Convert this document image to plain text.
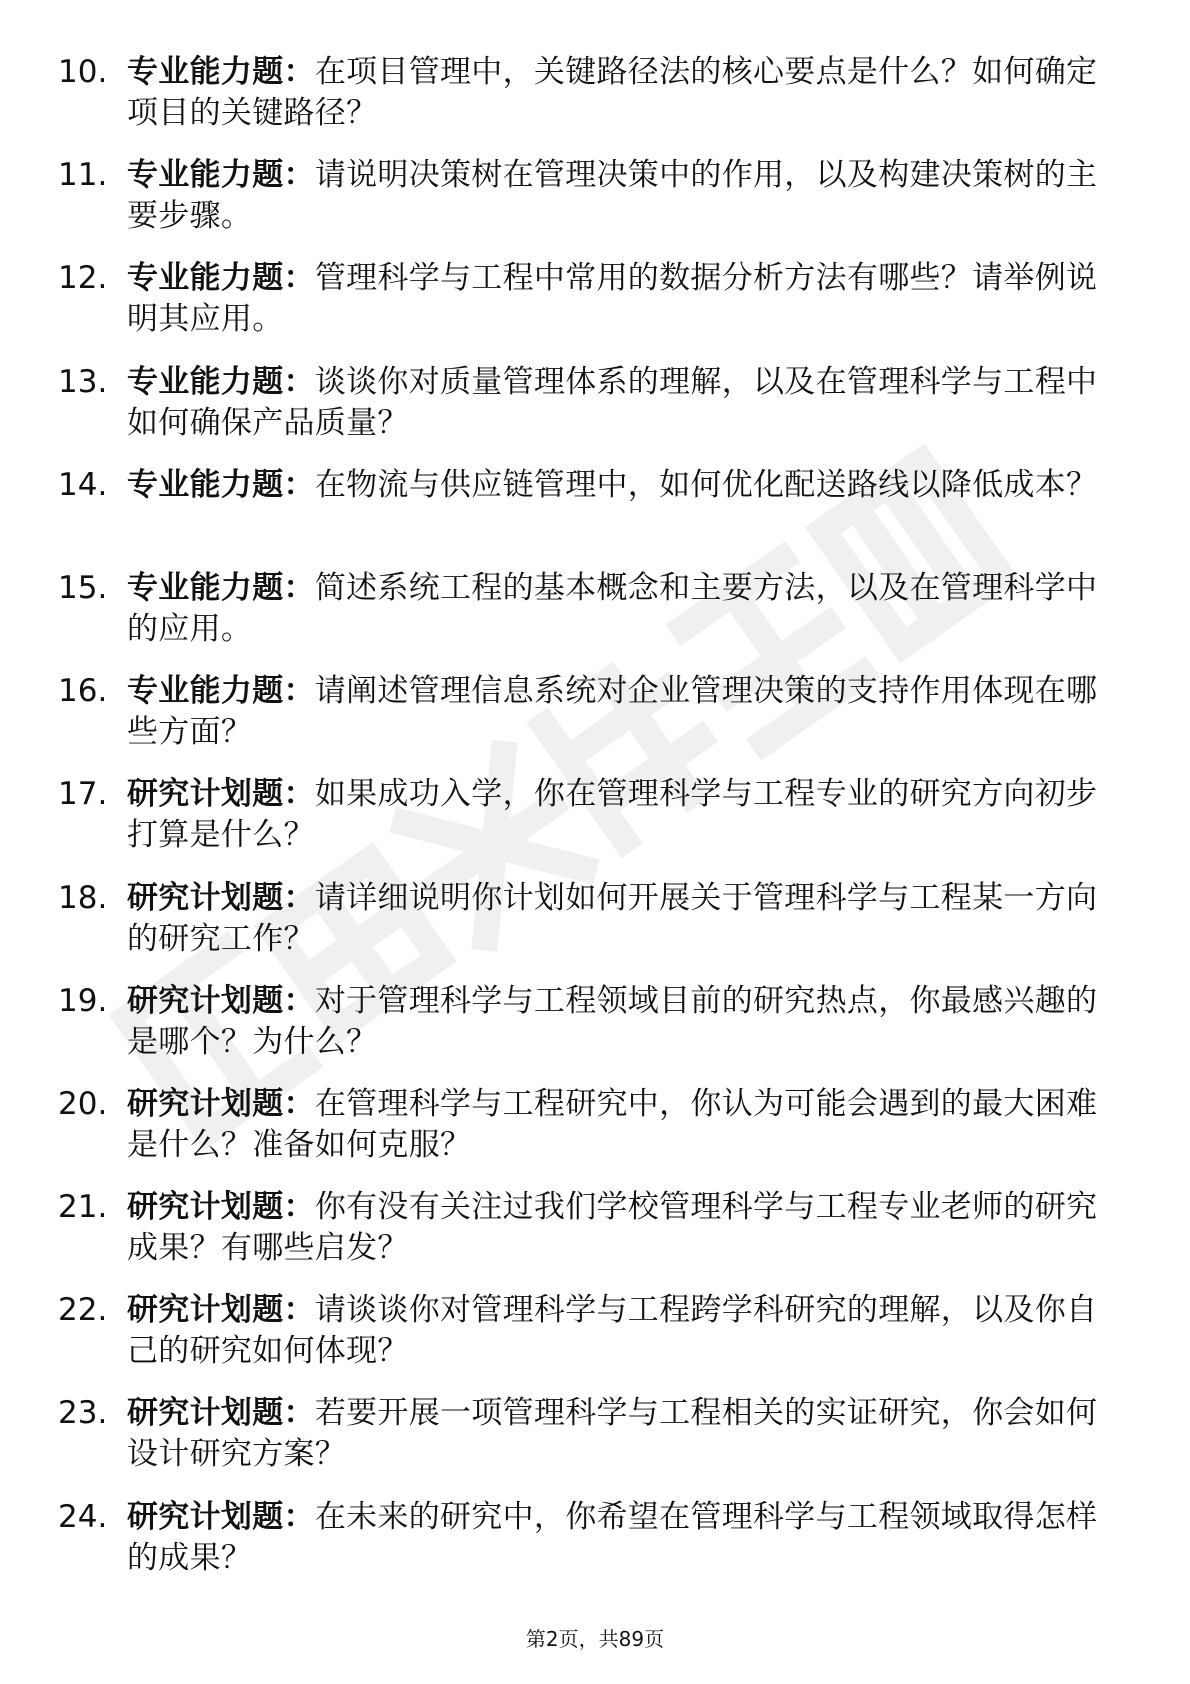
10. 专业能力题：在项目管理中，关键路径法的核心要点是什么？如何确定项目的关键路径？
11. 专业能力题：请说明决策树在管理决策中的作用，以及构建决策树的主要步骤。
12. 专业能力题：管理科学与工程中常用的数据分析方法有哪些？请举例说明其应用。
13. 专业能力题：谈谈你对质量管理体系的理解，以及在管理科学与工程中如何确保产品质量？
14. 专业能力题：在物流与供应链管理中，如何优化配送路线以降低成本？
15. 专业能力题：简述系统工程的基本概念和主要方法，以及在管理科学中的应用。
16. 专业能力题：请阐述管理信息系统对企业管理决策的支持作用体现在哪些方面？
17. 研究计划题：如果成功入学，你在管理科学与工程专业的研究方向初步打算是什么？
18. 研究计划题：请详细说明你计划如何开展关于管理科学与工程某一方向的研究工作？
19. 研究计划题：对于管理科学与工程领域目前的研究热点，你最感兴趣的是哪个？为什么？
20. 研究计划题：在管理科学与工程研究中，你认为可能会遇到的最大困难是什么？准备如何克服？
21. 研究计划题：你有没有关注过我们学校管理科学与工程专业老师的研究成果？有哪些启发？
22. 研究计划题：请谈谈你对管理科学与工程跨学科研究的理解，以及你自己的研究如何体现？
23. 研究计划题：若要开展一项管理科学与工程相关的实证研究，你会如何设计研究方案？
24. 研究计划题：在未来的研究中，你希望在管理科学与工程领域取得怎样的成果？
第2页，共89页
